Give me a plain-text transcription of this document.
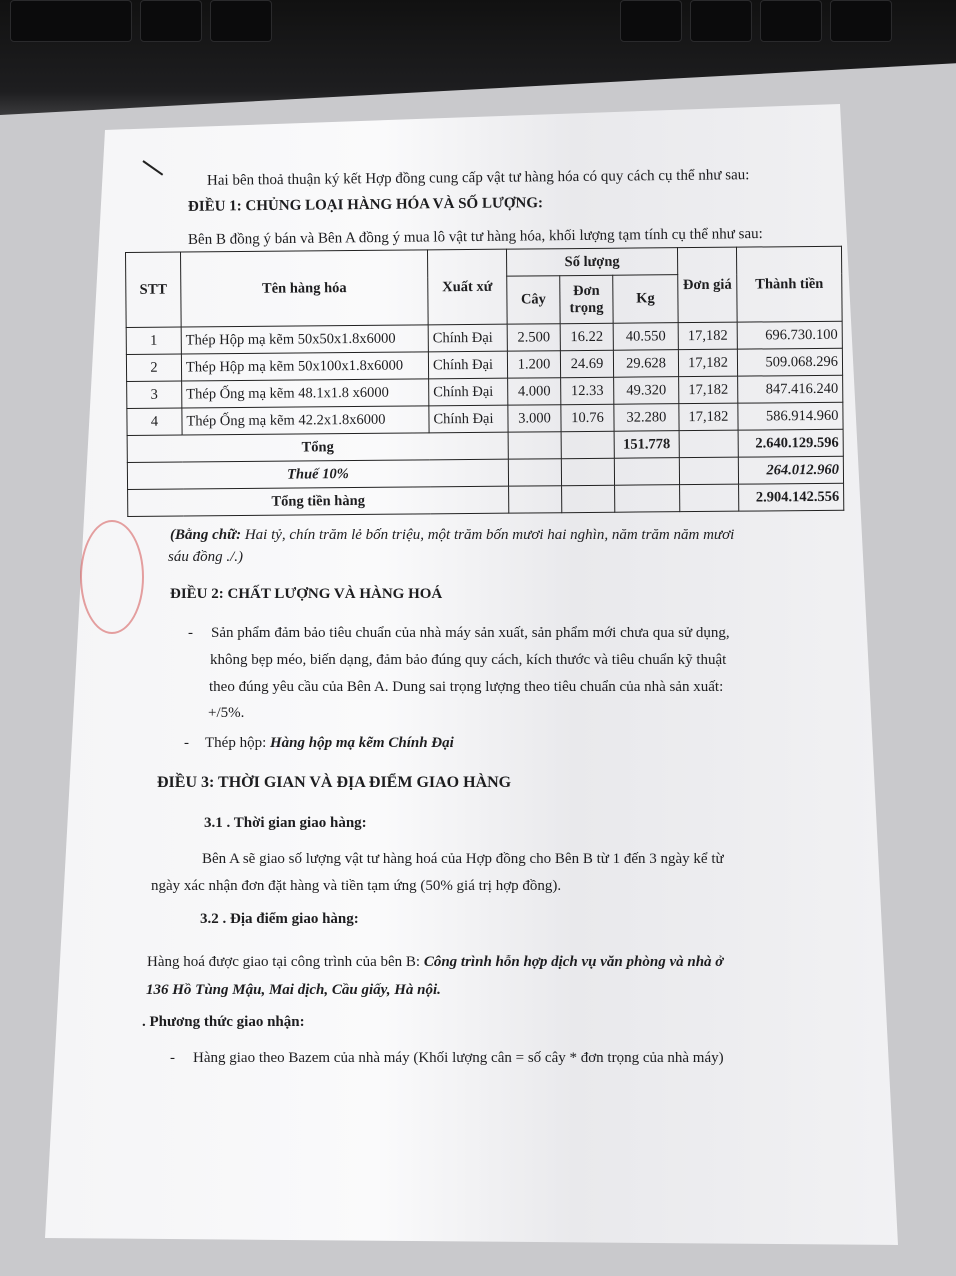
Hai bên thoả thuận ký kết Hợp đồng cung cấp vật tư hàng hóa có quy cách cụ thể như sau:
ĐIỀU 1: CHỦNG LOẠI HÀNG HÓA VÀ SỐ LƯỢNG:
Bên B đồng ý bán và Bên A đồng ý mua lô vật tư hàng hóa, khối lượng tạm tính cụ thể như sau:
STT	Tên hàng hóa	Xuất xứ	Số lượng			Đơn giá	Thành tiền
			Cây	Đơn trọng	Kg		
1	Thép Hộp mạ kẽm 50x50x1.8x6000	Chính Đại	2.500	16.22	40.550	17,182	696.730.100
2	Thép Hộp mạ kẽm 50x100x1.8x6000	Chính Đại	1.200	24.69	29.628	17,182	509.068.296
3	Thép Ống mạ kẽm 48.1x1.8 x6000	Chính Đại	4.000	12.33	49.320	17,182	847.416.240
4	Thép Ống mạ kẽm 42.2x1.8x6000	Chính Đại	3.000	10.76	32.280	17,182	586.914.960
Tổng					151.778		2.640.129.596
Thuế 10%							264.012.960
Tổng tiền hàng							2.904.142.556
(Bằng chữ: Hai tỷ, chín trăm lẻ bốn triệu, một trăm bốn mươi hai nghìn, năm trăm năm mươi
sáu đồng ./.)
ĐIỀU 2: CHẤT LƯỢNG VÀ HÀNG HOÁ
- Sản phẩm đảm bảo tiêu chuẩn của nhà máy sản xuất, sản phẩm mới chưa qua sử dụng,
không bẹp méo, biến dạng, đảm bảo đúng quy cách, kích thước và tiêu chuẩn kỹ thuật
theo đúng yêu cầu của Bên A. Dung sai trọng lượng theo tiêu chuẩn của nhà sản xuất:
+/5%.
- Thép hộp: Hàng hộp mạ kẽm Chính Đại
ĐIỀU 3: THỜI GIAN VÀ ĐỊA ĐIỂM GIAO HÀNG
3.1 . Thời gian giao hàng:
Bên A sẽ giao số lượng vật tư hàng hoá của Hợp đồng cho Bên B từ 1 đến 3 ngày kể từ
ngày xác nhận đơn đặt hàng và tiền tạm ứng (50% giá trị hợp đồng).
3.2 . Địa điểm giao hàng:
Hàng hoá được giao tại công trình của bên B: Công trình hỗn hợp dịch vụ văn phòng và nhà ở
136 Hồ Tùng Mậu, Mai dịch, Cầu giấy, Hà nội.
. Phương thức giao nhận:
- Hàng giao theo Bazem của nhà máy (Khối lượng cân = số cây * đơn trọng của nhà máy)
